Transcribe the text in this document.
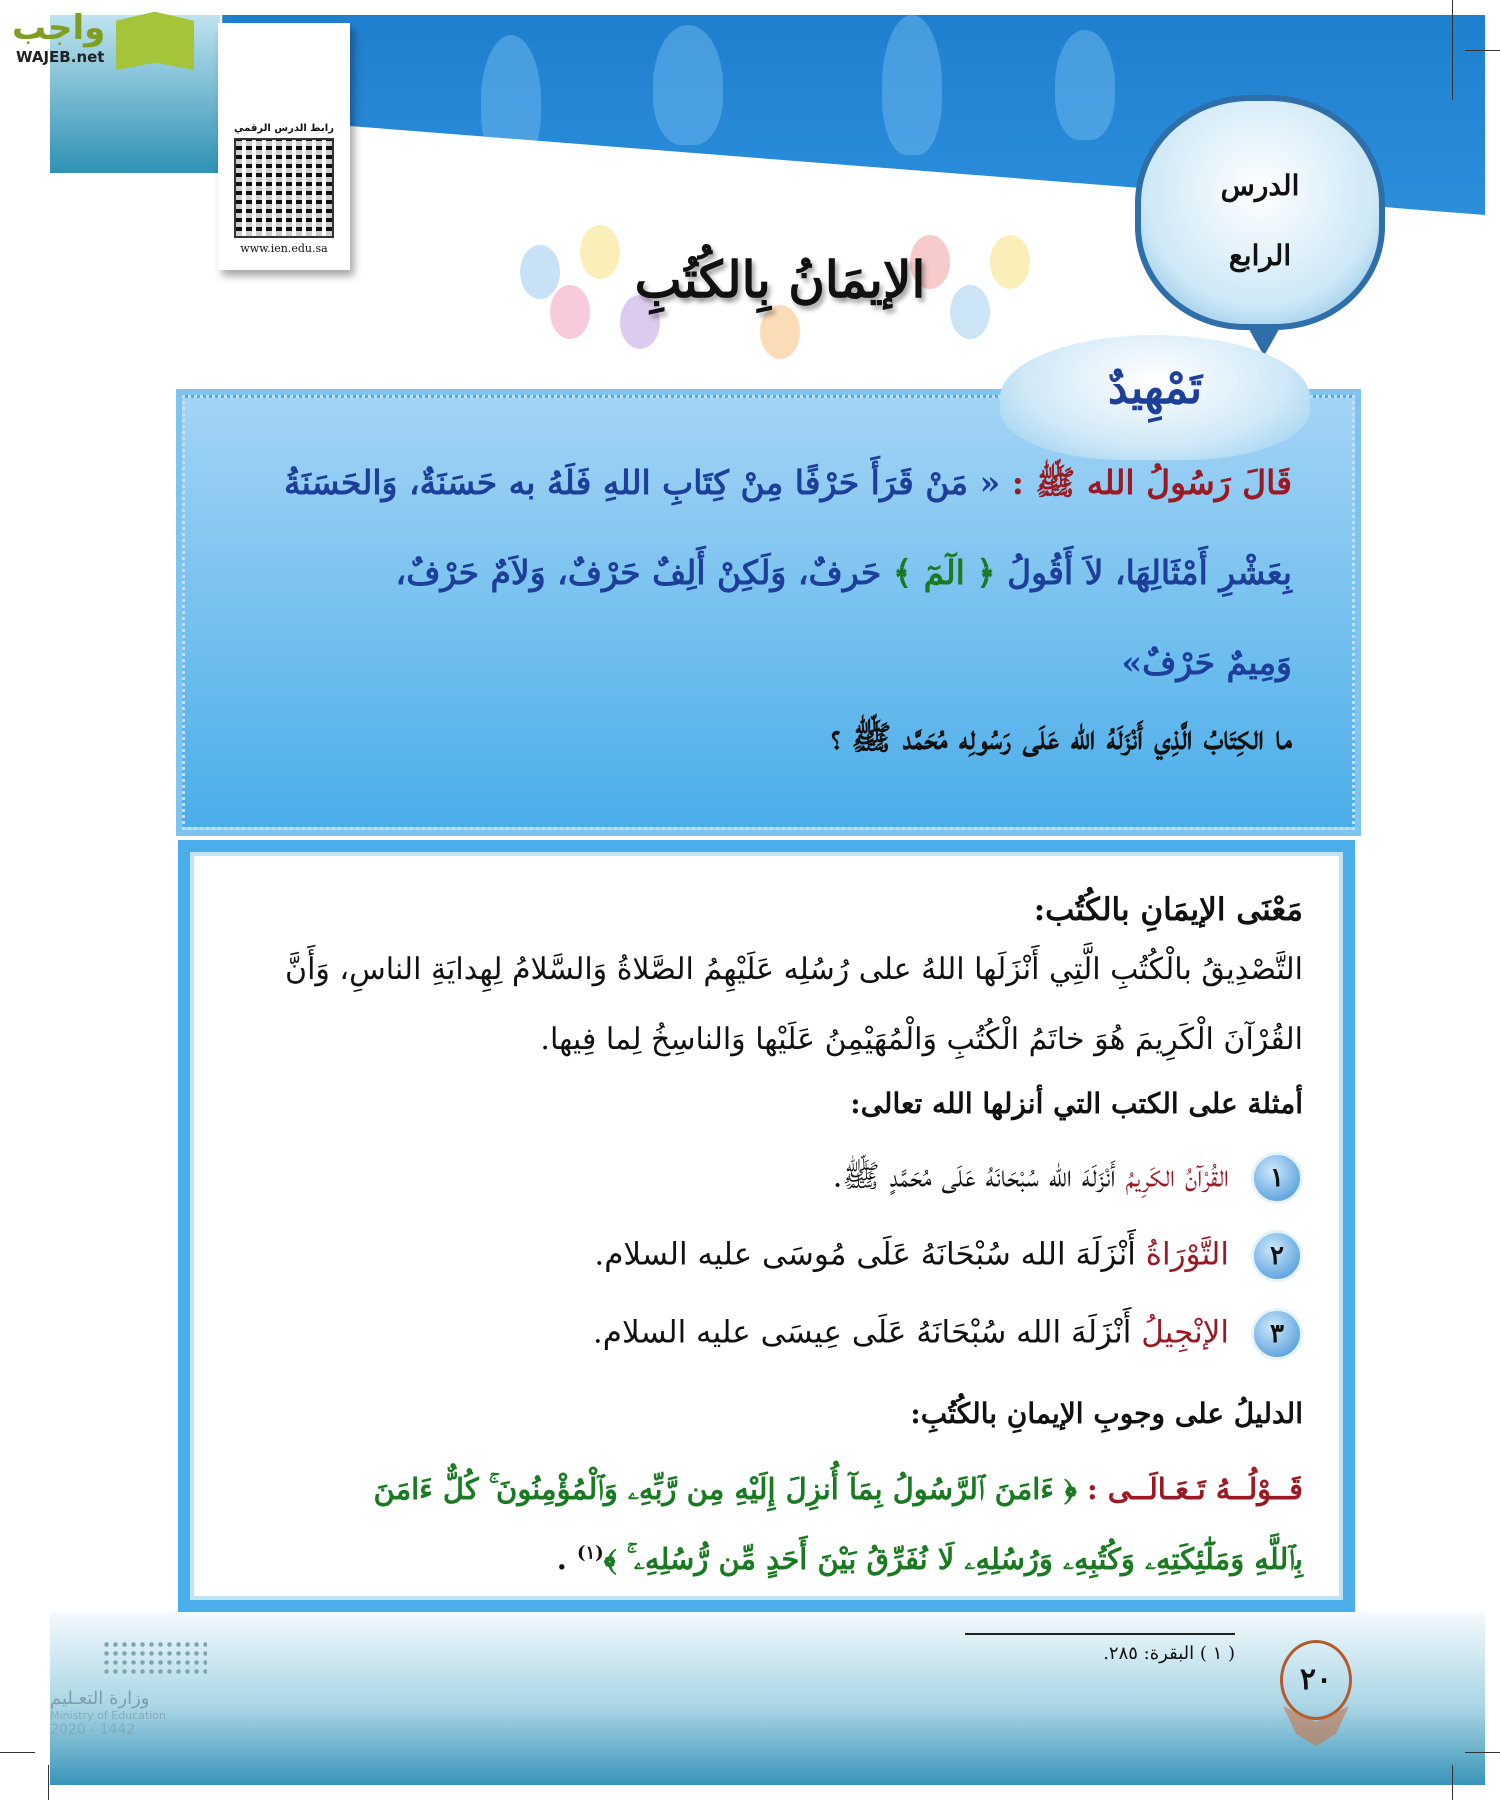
واجب
WAJEB.net
رابط الدرس الرقمي
www.ien.edu.sa
الدرس
الرابع
الإيمَانُ بِالكُتُبِ
قَالَ رَسُولُ الله ﷺ : « مَنْ قَرَأَ حَرْفًا مِنْ كِتَابِ اللهِ فَلَهُ به حَسَنَةٌ، وَالحَسَنَةُ
بِعَشْرِ أَمْثَالِهَا، لاَ أَقُولُ ﴿ الٓمٓ ﴾ حَرفٌ، وَلَكِنْ أَلِفٌ حَرْفٌ، وَلاَمٌ حَرْفٌ،
وَمِيمٌ حَرْفٌ»
ما الكِتَابُ الَّذِي أَنْزَلَهُ الله عَلَى رَسُولِه مُحَمَّد ﷺ ؟
تَمْهِيدٌ
مَعْنَى الإيمَانِ بالكُتُب:
التَّصْدِيقُ بالْكُتُبِ الَّتِي أَنْزَلَها اللهُ على رُسُلِه عَلَيْهِمُ الصَّلاةُ وَالسَّلامُ لِهِدايَةِ الناسِ، وَأَنَّ
القُرْآنَ الْكَرِيمَ هُوَ خاتَمُ الْكُتُبِ وَالْمُهَيْمِنُ عَلَيْها وَالناسِخُ لِما فِيها.
أمثلة على الكتب التي أنزلها الله تعالى:
١القُرْآنُ الكَرِيمُ أَنْزَلَهَ الله سُبْحَانَهُ عَلَى مُحَمَّدٍ ﷺ.
٢التَّوْرَاةُ أَنْزَلَهَ الله سُبْحَانَهُ عَلَى مُوسَى عليه السلام.
٣الإنْجِيلُ أَنْزَلَهَ الله سُبْحَانَهُ عَلَى عِيسَى عليه السلام.
الدليلُ على وجوبِ الإيمانِ بالكُتُبِ:
قَــوْلُــهُ تَـعَـالَــى : ﴿ ءَامَنَ ٱلرَّسُولُ بِمَآ أُنزِلَ إِلَيْهِ مِن رَّبِّهِۦ وَٱلْمُؤْمِنُونَ ۚ كُلٌّ ءَامَنَ
بِٱللَّهِ وَمَلَٰٓئِكَتِهِۦ وَكُتُبِهِۦ وَرُسُلِهِۦ لَا نُفَرِّقُ بَيْنَ أَحَدٍ مِّن رُّسُلِهِۦ ۚ ﴾$^{(١)}$ .
( ١ ) البقرة: ٢٨٥.
٢٠
وزارة التعـليم
Ministry of Education
2020 - 1442
